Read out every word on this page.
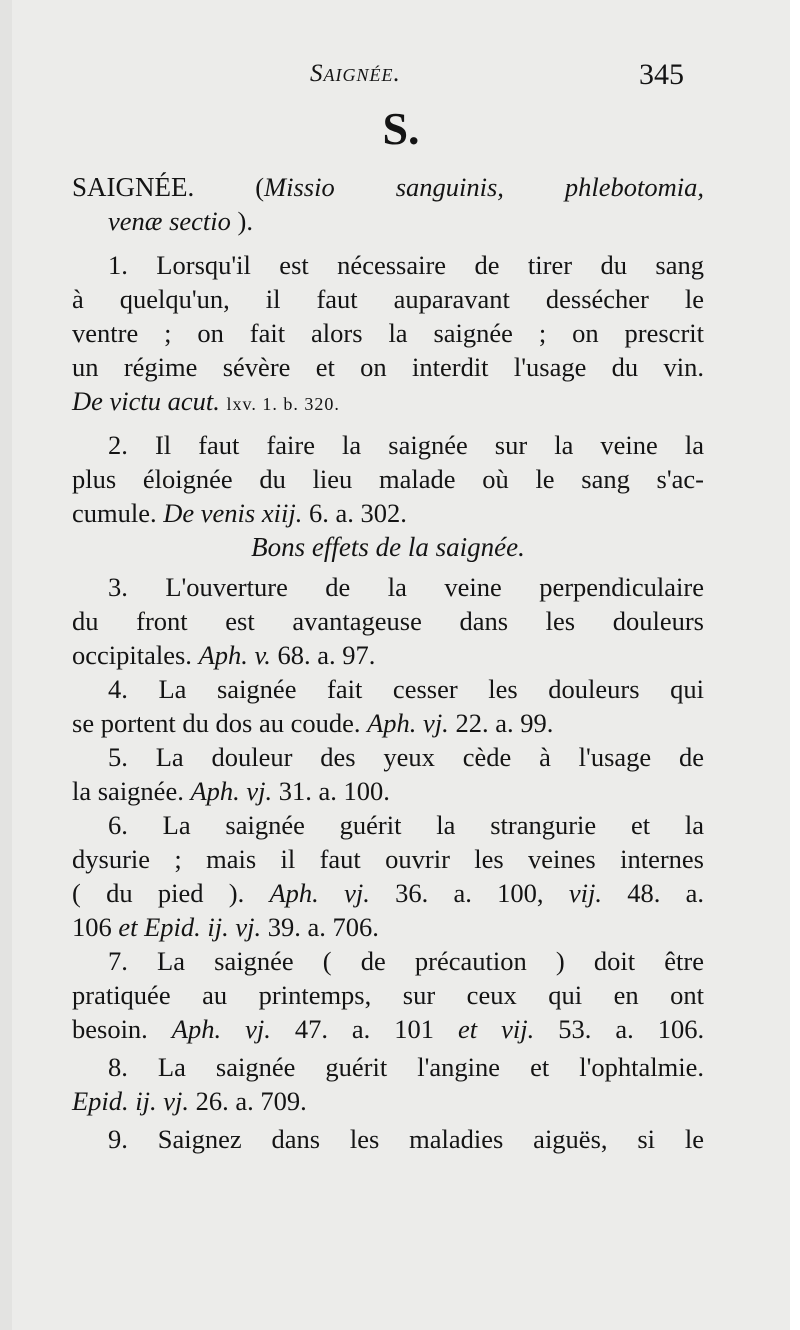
Saignée.	345
S.
SAIGNÉE. (Missio sanguinis, phlebotomia,
venæ sectio ).
1. Lorsqu'il est nécessaire de tirer du sang
à quelqu'un, il faut auparavant dessécher le
ventre ; on fait alors la saignée ; on prescrit
un régime sévère et on interdit l'usage du vin.
De victu acut. lxv. 1. b. 320.
2. Il faut faire la saignée sur la veine la
plus éloignée du lieu malade où le sang s'ac-
cumule. De venis xiij. 6. a. 302.
Bons effets de la saignée.
3. L'ouverture de la veine perpendiculaire
du front est avantageuse dans les douleurs
occipitales. Aph. v. 68. a. 97.
4. La saignée fait cesser les douleurs qui
se portent du dos au coude. Aph. vj. 22. a. 99.
5. La douleur des yeux cède à l'usage de
la saignée. Aph. vj. 31. a. 100.
6. La saignée guérit la strangurie et la
dysurie ; mais il faut ouvrir les veines internes
( du pied ). Aph. vj. 36. a. 100, vij. 48. a.
106 et Epid. ij. vj. 39. a. 706.
7. La saignée ( de précaution ) doit être
pratiquée au printemps, sur ceux qui en ont
besoin. Aph. vj. 47. a. 101 et vij. 53. a. 106.
8. La saignée guérit l'angine et l'ophtalmie.
Epid. ij. vj. 26. a. 709.
9. Saignez dans les maladies aiguës, si le
